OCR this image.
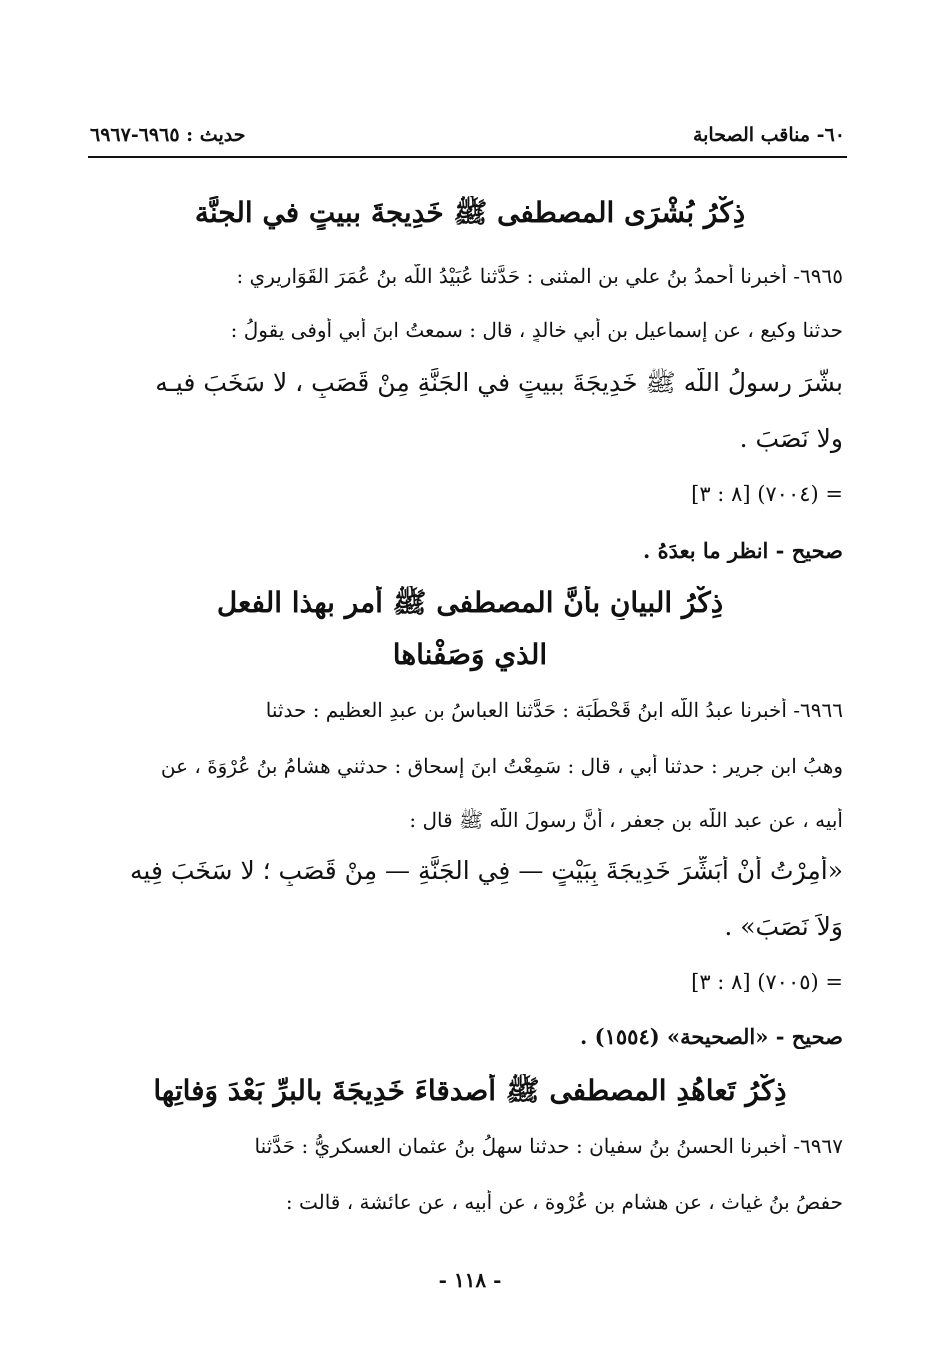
٦٠- مناقب الصحابة
حديث : ٦٩٦٥-٦٩٦٧
ذِكْرُ بُشْرَى المصطفى ﷺ خَدِيجةَ ببيتٍ في الجنَّة
٦٩٦٥- أخبرنا أحمدُ بنُ علي بنِ المثنى : حَدَّثنا عُبَيْدُ اللَّه بنُ عُمَرَ القَوَارِيري :
حدثنا وكيع ، عن إسماعيل بن أبي خالدٍ ، قال : سمعتُ ابنَ أبي أوفى يقولُ :
بشَّرَ رسولُ اللَّه ﷺ خَدِيجَةَ ببيتٍ في الجَنَّةِ مِنْ قَصَبٍ ، لا سَخَبَ فيـه
ولا نَصَبَ .
= (٧٠٠٤) [٨ : ٣]
صحيح - انظر ما بعدَهُ .
ذِكْرُ البيانِ بأنَّ المصطفى ﷺ أمر بهذا الفعل
الذي وَصَفْناها
٦٩٦٦- أخبرنا عبدُ اللَّه ابنُ قَحْطَبَة : حَدَّثنا العباسُ بن عبدِ العظيم : حدثنا
وهبُ ابن جريرٍ : حدثنا أبي ، قال : سَمِعْتُ ابنَ إسحاق : حدثني هشامُ بنُ عُرْوَةَ ، عن
أبيه ، عن عبد اللَّه بن جعفرٍ ، أنَّ رسولَ اللَّه ﷺ قال :
«أُمِرْتُ أَنْ أُبَشِّرَ خَدِيجَةَ بِبَيْتٍ — فِي الجَنَّةِ — مِنْ قَصَبٍ ؛ لا سَخَبَ فِيه
وَلاَ نَصَبَ» .
= (٧٠٠٥) [٨ : ٣]
صحيح - «الصحيحة» (١٥٥٤) .
ذِكْرُ تَعاهُدِ المصطفى ﷺ أصدقاءَ خَدِيجَةَ بالبرِّ بَعْدَ وَفاتِها
٦٩٦٧- أخبرنا الحسنُ بنُ سفيان : حدثنا سهلُ بنُ عثمان العسكريُّ : حَدَّثنا
حفصُ بنُ غياث ، عن هشام بنِ عُرْوة ، عن أبيه ، عن عائشة ، قالت :
- ١١٨ -
